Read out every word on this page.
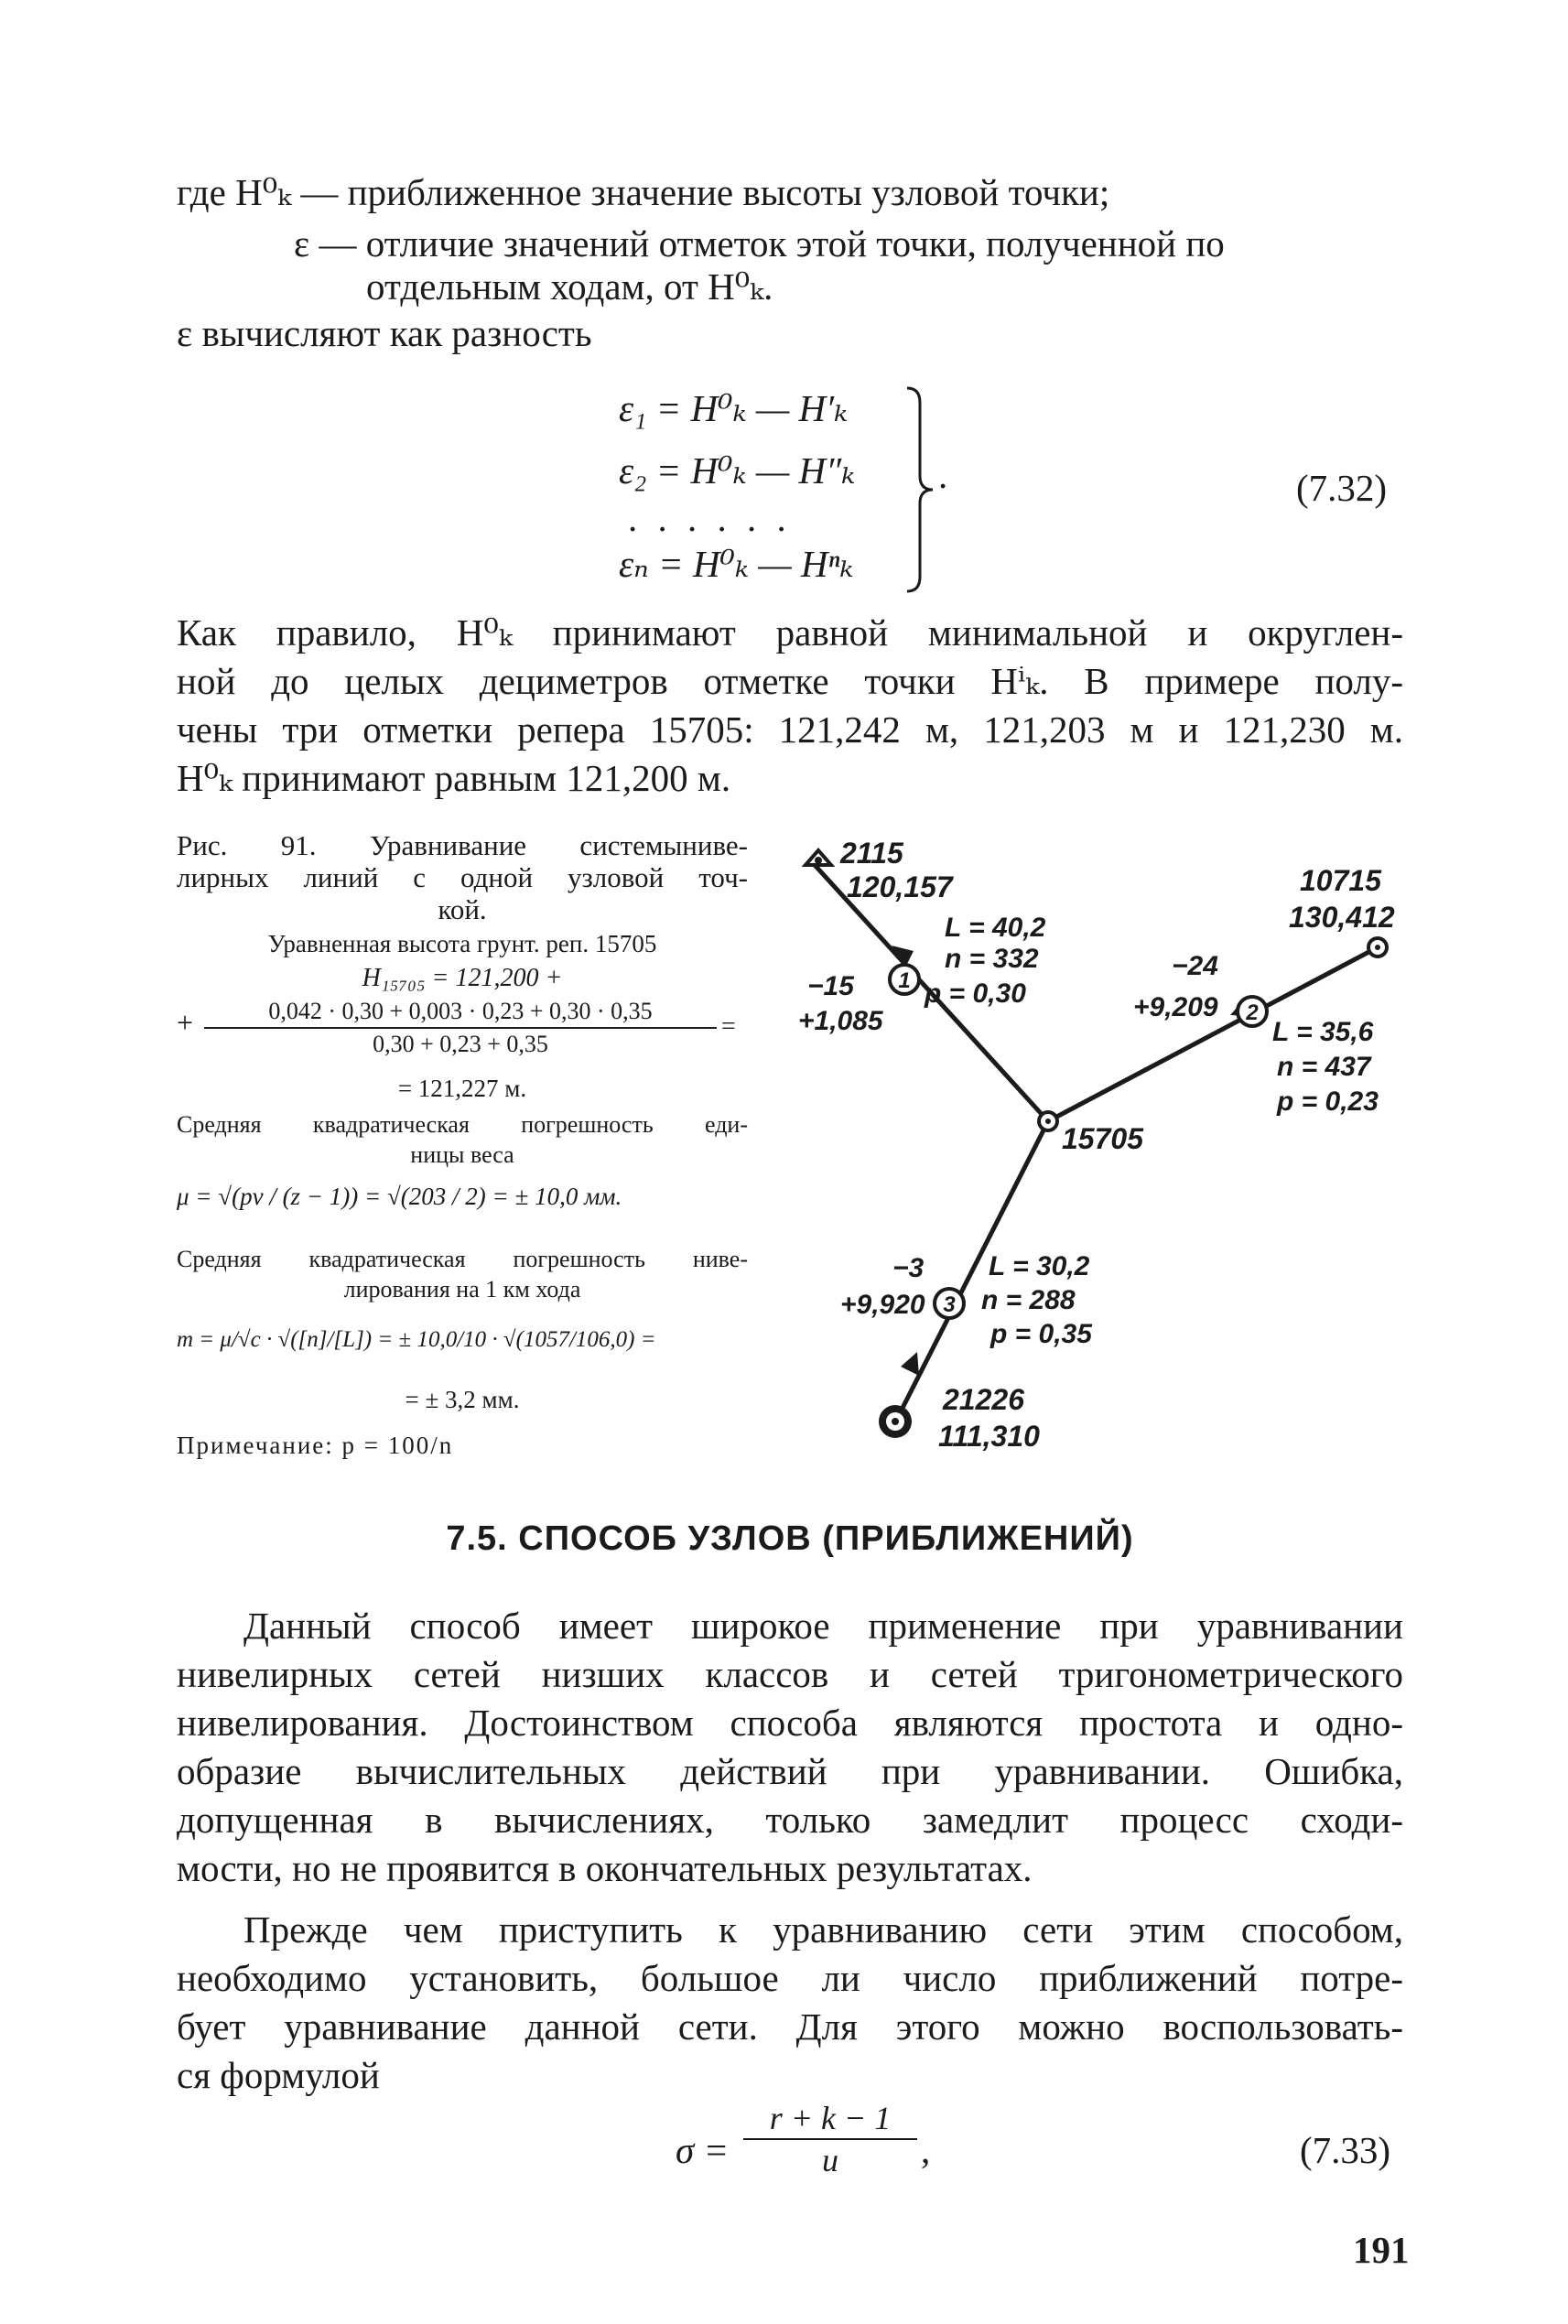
где H⁰ₖ — приближенное значение высоты узловой точки;
ε — отличие значений отметок этой точки, полученной по
отдельным ходам, от H⁰ₖ.
ε вычисляют как разность
ε₁ = H⁰ₖ — H′ₖ
ε₂ = H⁰ₖ — H″ₖ
. . . . . .
εₙ = H⁰ₖ — Hⁿₖ
.	(7.32)
Как правило, H⁰ₖ принимают равной минимальной и округлен-
ной до целых дециметров отметке точки Hⁱₖ. В примере полу-
чены три отметки репера 15705: 121,242 м, 121,203 м и 121,230 м.
H⁰ₖ принимают равным 121,200 м.
Рис. 91. Уравнивание системыниве-
лирных линий с одной узловой точ-
кой.
Уравненная высота грунт. реп. 15705
H₁₅₇₀₅ = 121,200 +
+ $\frac{0,042 \cdot 0,30 + 0,003 \cdot 0,23 + 0,30 \cdot 0,35}{0,30 + 0,23 + 0,35}$ =
= 121,227 м.
Средняя квадратическая погрешность еди-
ницы веса
μ = √(pv / (z − 1)) = √(203 / 2) = ± 10,0 мм.
Средняя квадратическая погрешность ниве-
лирования на 1 км хода
m = μ/√c · √([n]/[L]) = ± 10,0/10 · √(1057/106,0) =
= ± 3,2 мм.
Примечание: p = 100/n
1
2
3
2115
120,157	10715
130,412
15705
21226
111,310
L = 40,2
n = 332
p = 0,30
−15
+1,085
−24
+9,209
L = 35,6
n = 437
p = 0,23
−3
+9,920
L = 30,2
n = 288
p = 0,35
7.5. СПОСОБ УЗЛОВ (ПРИБЛИЖЕНИЙ)
Данный способ имеет широкое применение при уравнивании
нивелирных сетей низших классов и сетей тригонометрического
нивелирования. Достоинством способа являются простота и одно-
образие вычислительных действий при уравнивании. Ошибка,
допущенная в вычислениях, только замедлит процесс сходи-
мости, но не проявится в окончательных результатах.
Прежде чем приступить к уравниванию сети этим способом,
необходимо установить, большое ли число приближений потре-
бует уравнивание данной сети. Для этого можно воспользовать-
ся формулой
$\sigma = \frac{r + k - 1}{u}$ ,	(7.33)
191
